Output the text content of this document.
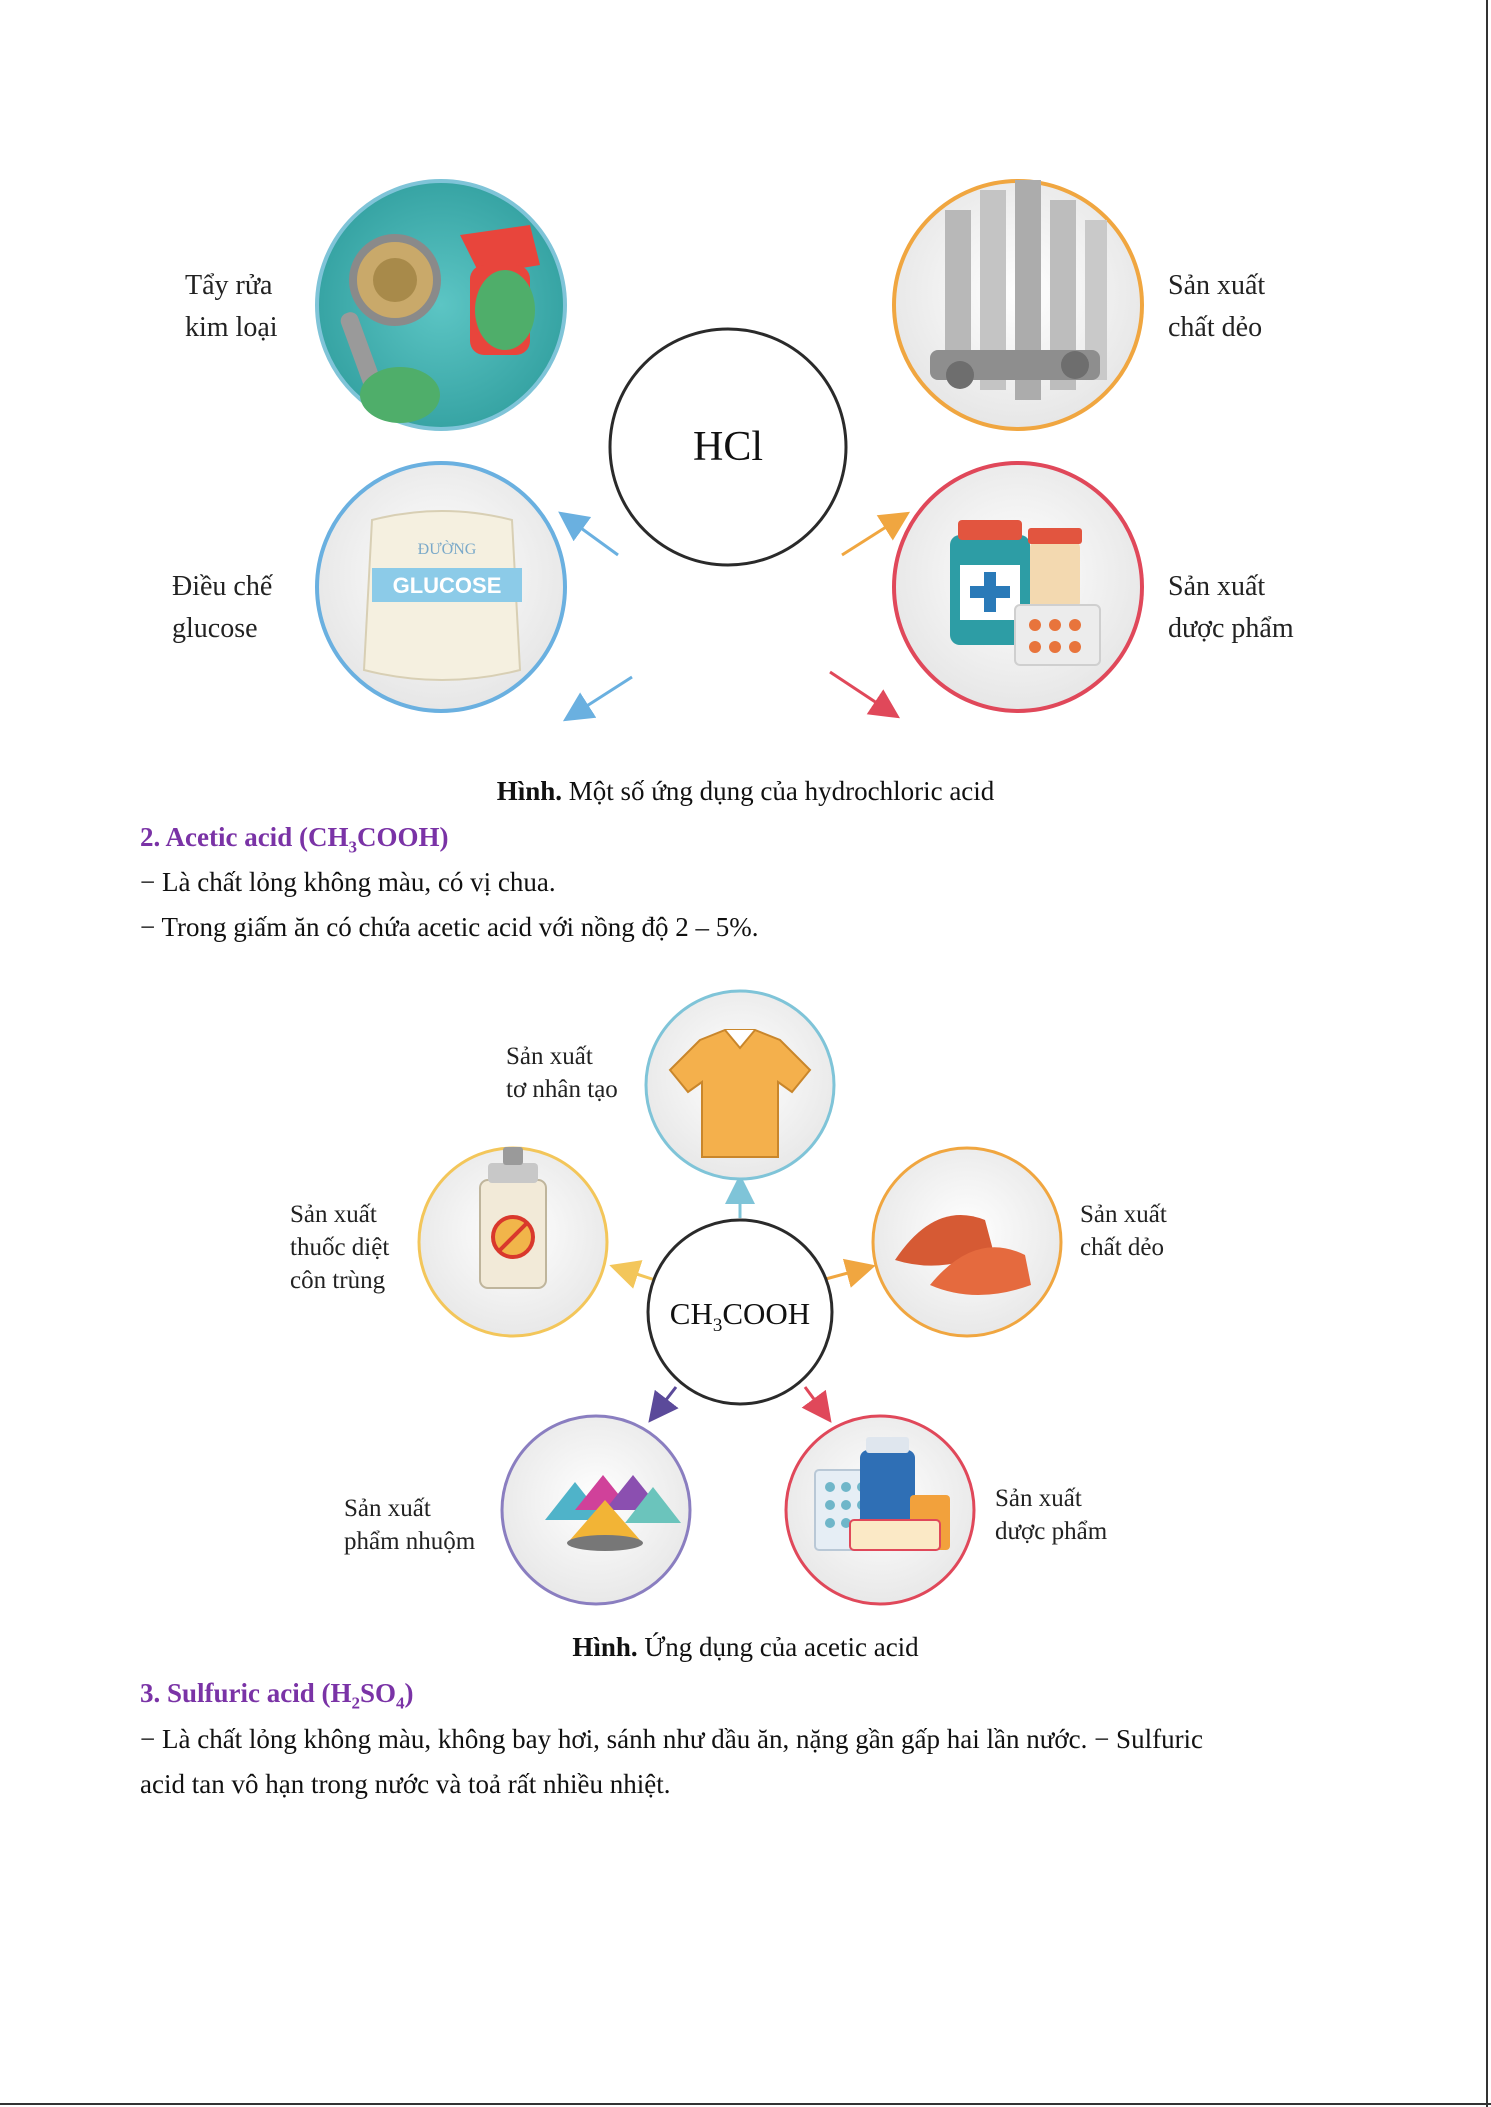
ĐƯỜNG
GLUCOSE
HCl
Tẩy rửa
kim loại
Sản xuất
chất dẻo
Điều chế
glucose
Sản xuất
dược phẩm
Hình. Một số ứng dụng của hydrochloric acid
2. Acetic acid $(CH_3COOH)$
− Là chất lỏng không màu, có vị chua.
− Trong giấm ăn có chứa acetic acid với nồng độ 2 – 5%.
$CH_3COOH$
Sản xuất
tơ nhân tạo
Sản xuất
thuốc diệt
côn trùng
Sản xuất
chất dẻo
Sản xuất
phẩm nhuộm
Sản xuất
dược phẩm
Hình. Ứng dụng của acetic acid
3. Sulfuric acid $(H_2SO_4)$
− Là chất lỏng không màu, không bay hơi, sánh như dầu ăn, nặng gần gấp hai lần nước. − Sulfuric
acid tan vô hạn trong nước và toả rất nhiều nhiệt.
